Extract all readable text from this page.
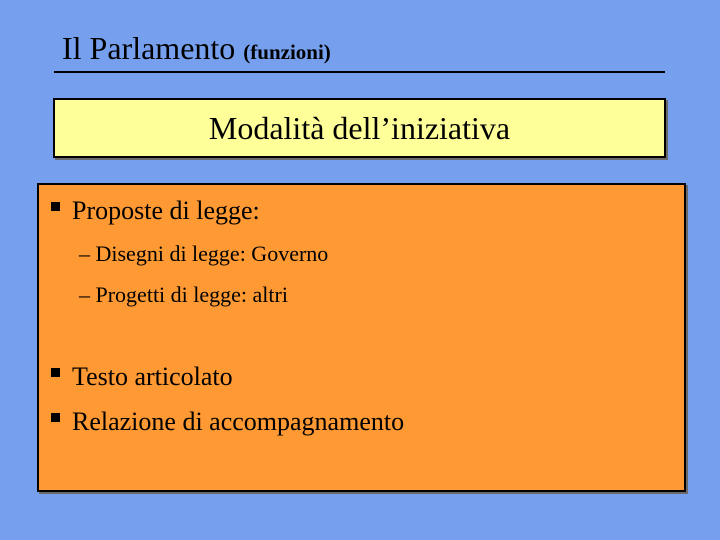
Il Parlamento (funzioni)
Modalità dell’iniziativa
Proposte di legge:
– Disegni di legge: Governo
– Progetti di legge: altri
Testo articolato
Relazione di accompagnamento
